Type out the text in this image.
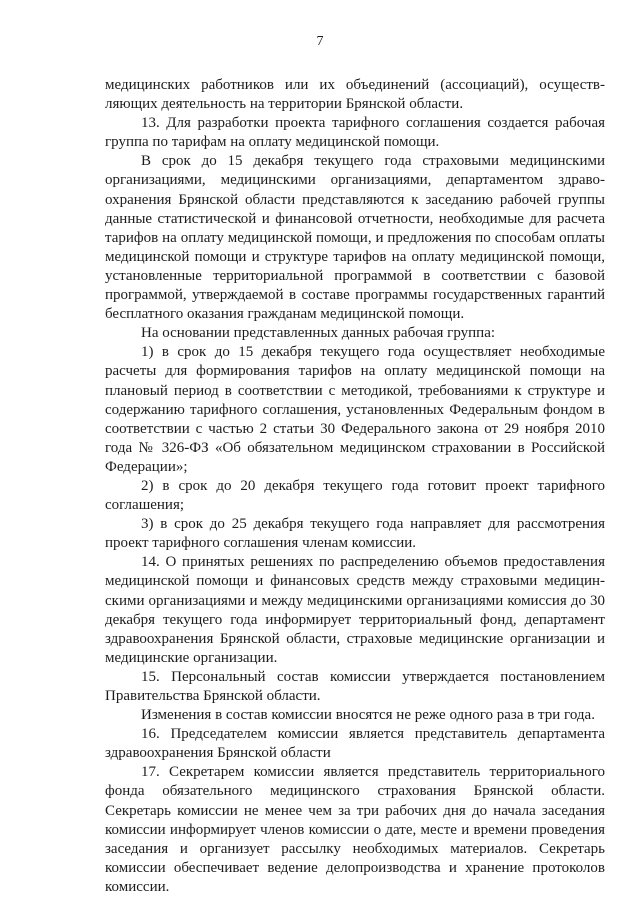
7

медицинских работников или их объединений (ассоциаций), осуществ-ляющих деятельность на территории Брянской области.

13. Для разработки проекта тарифного соглашения создается рабочая группа по тарифам на оплату медицинской помощи.

В срок до 15 декабря текущего года страховыми медицинскими организациями, медицинскими организациями, департаментом здраво-охранения Брянской области представляются к заседанию рабочей группы данные статистической и финансовой отчетности, необходимые для расчета тарифов на оплату медицинской помощи, и предложения по способам оплаты медицинской помощи и структуре тарифов на оплату медицинской помощи, установленные территориальной программой в соответствии с базовой программой, утверждаемой в составе программы государственных гарантий бесплатного оказания гражданам медицинской помощи.

На основании представленных данных рабочая группа:

1) в срок до 15 декабря текущего года осуществляет необходимые расчеты для формирования тарифов на оплату медицинской помощи на плановый период в соответствии с методикой, требованиями к структуре и содержанию тарифного соглашения, установленных Федеральным фондом в соответствии с частью 2 статьи 30 Федерального закона от 29 ноября 2010 года № 326-ФЗ «Об обязательном медицинском страховании в Российской Федерации»;

2) в срок до 20 декабря текущего года готовит проект тарифного соглашения;

3) в срок до 25 декабря текущего года направляет для рассмотрения проект тарифного соглашения членам комиссии.

14. О принятых решениях по распределению объемов предоставления медицинской помощи и финансовых средств между страховыми медицин-скими организациями и между медицинскими организациями комиссия до 30 декабря текущего года информирует территориальный фонд, департамент здравоохранения Брянской области, страховые медицинские организации и медицинские организации.

15. Персональный состав комиссии утверждается постановлением Правительства Брянской области.

Изменения в состав комиссии вносятся не реже одного раза в три года.

16. Председателем комиссии является представитель департамента здравоохранения Брянской области

17. Секретарем комиссии является представитель территориального фонда обязательного медицинского страхования Брянской области. Секретарь комиссии не менее чем за три рабочих дня до начала заседания комиссии информирует членов комиссии о дате, месте и времени проведения заседания и организует рассылку необходимых материалов. Секретарь комиссии обеспечивает ведение делопроизводства и хранение протоколов комиссии.
